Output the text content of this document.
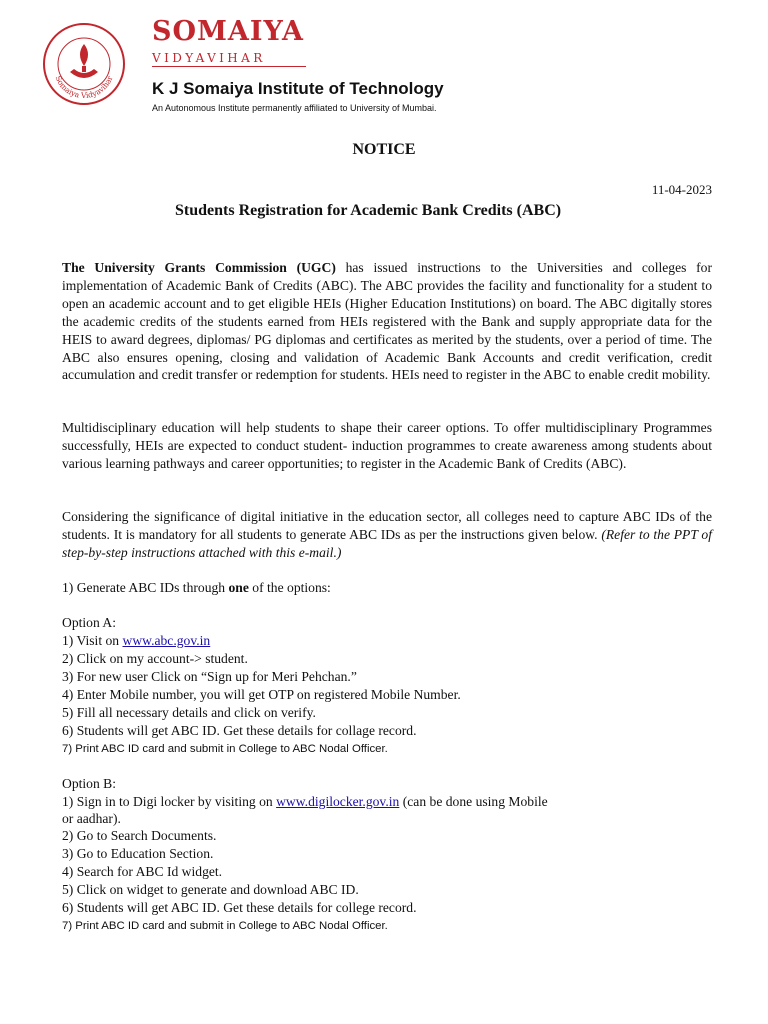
Somaiya Vidyavihar
SOMAIYA
VIDYAVIHAR
K J Somaiya Institute of Technology
An Autonomous Institute permanently affiliated to University of Mumbai.
NOTICE
11-04-2023
Students Registration for Academic Bank Credits (ABC)
The University Grants Commission (UGC) has issued instructions to the Universities and colleges for implementation of Academic Bank of Credits (ABC). The ABC provides the facility and functionality for a student to open an academic account and to get eligible HEIs (Higher Education Institutions) on board. The ABC digitally stores the academic credits of the students earned from HEIs registered with the Bank and supply appropriate data for the HEIS to award degrees, diplomas/ PG diplomas and certificates as merited by the students, over a period of time. The ABC also ensures opening, closing and validation of Academic Bank Accounts and credit verification, credit accumulation and credit transfer or redemption for students. HEIs need to register in the ABC to enable credit mobility.
Multidisciplinary education will help students to shape their career options. To offer multidisciplinary Programmes successfully, HEIs are expected to conduct student- induction programmes to create awareness among students about various learning pathways and career opportunities; to register in the Academic Bank of Credits (ABC).
Considering the significance of digital initiative in the education sector, all colleges need to capture ABC IDs of the students. It is mandatory for all students to generate ABC IDs as per the instructions given below. (Refer to the PPT of step-by-step instructions attached with this e-mail.)
1) Generate ABC IDs through one of the options:
Option A:
1) Visit on www.abc.gov.in
2) Click on my account-> student.
3) For new user Click on “Sign up for Meri Pehchan.”
4) Enter Mobile number, you will get OTP on registered Mobile Number.
5) Fill all necessary details and click on verify.
6) Students will get ABC ID. Get these details for collage record.
7) Print ABC ID card and submit in College to ABC Nodal Officer.
Option B:
1) Sign in to Digi locker by visiting on www.digilocker.gov.in (can be done using Mobile
or aadhar).
2) Go to Search Documents.
3) Go to Education Section.
4) Search for ABC Id widget.
5) Click on widget to generate and download ABC ID.
6) Students will get ABC ID. Get these details for college record.
7) Print ABC ID card and submit in College to ABC Nodal Officer.
